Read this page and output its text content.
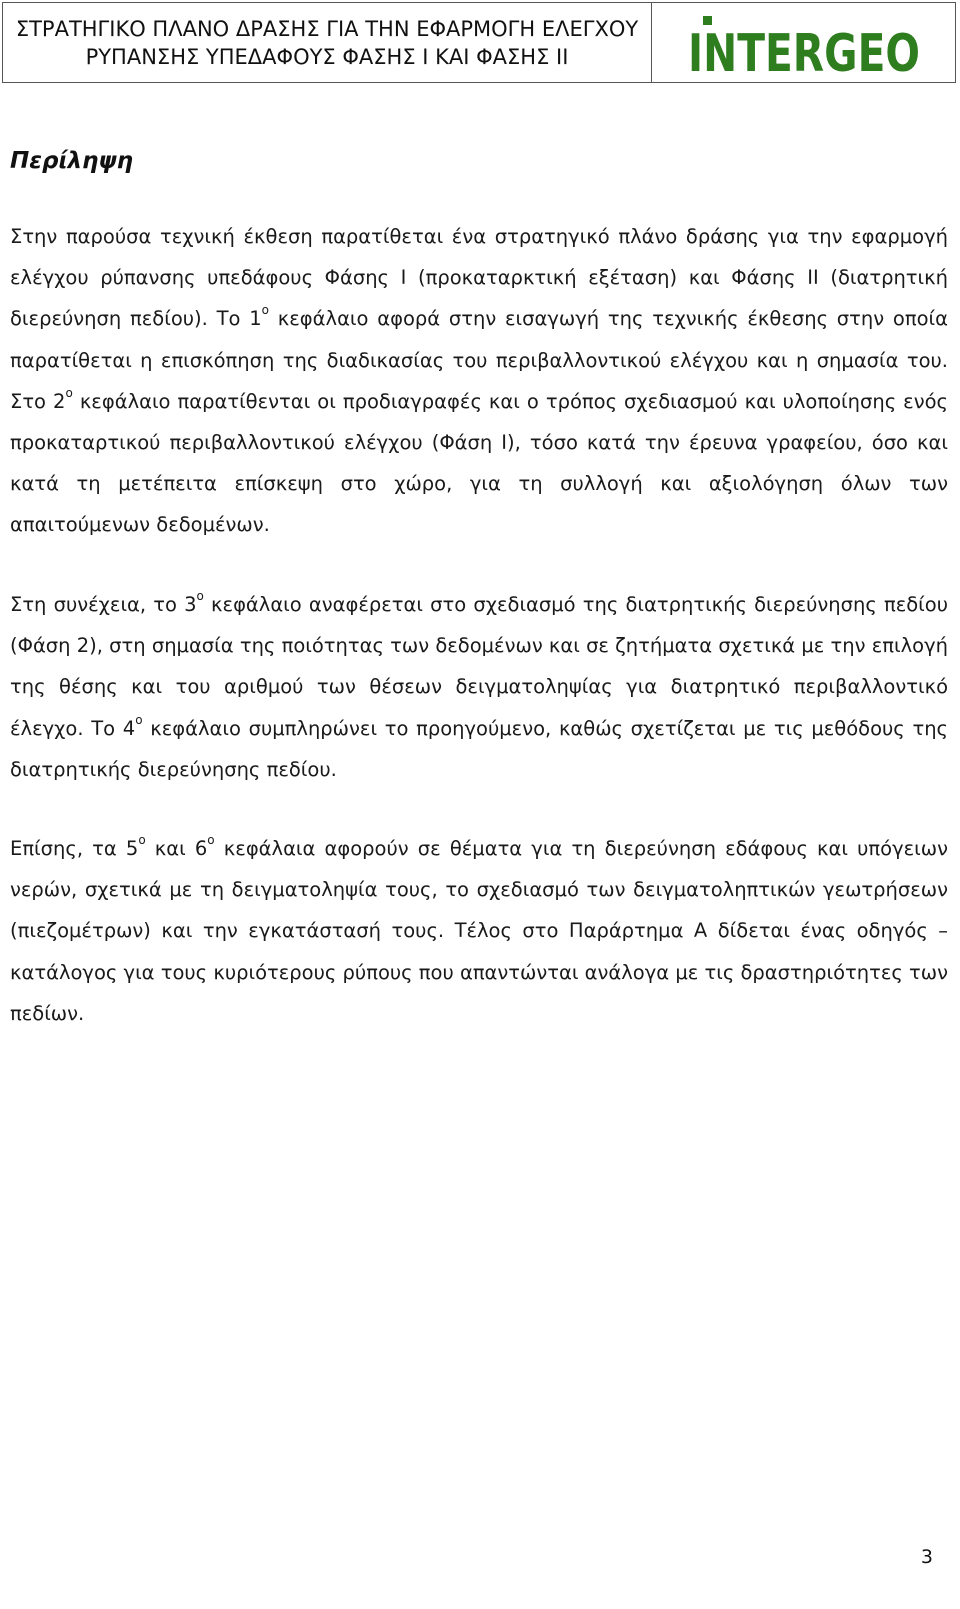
ΣΤΡΑΤΗΓΙΚΟ ΠΛΑΝΟ ΔΡΑΣΗΣ ΓΙΑ ΤΗΝ ΕΦΑΡΜΟΓΗ ΕΛΕΓΧΟΥ
ΡΥΠΑΝΣΗΣ ΥΠΕΔΑΦΟΥΣ ΦΑΣΗΣ Ι ΚΑΙ ΦΑΣΗΣ ΙΙ INTERGEO
Περίληψη

Στην παρούσα τεχνική έκθεση παρατίθεται ένα στρατηγικό πλάνο δράσης για την εφαρμογή ελέγχου ρύπανσης υπεδάφους Φάσης Ι (προκαταρκτική εξέταση) και Φάσης ΙΙ (διατρητική διερεύνηση πεδίου). Το $1^o$ κεφάλαιο αφορά στην εισαγωγή της τεχνικής έκθεσης στην οποία παρατίθεται η επισκόπηση της διαδικασίας του περιβαλλοντικού ελέγχου και η σημασία του. Στο $2^o$ κεφάλαιο παρατίθενται οι προδιαγραφές και ο τρόπος σχεδιασμού και υλοποίησης ενός προκαταρτικού περιβαλλοντικού ελέγχου (Φάση Ι), τόσο κατά την έρευνα γραφείου, όσο και κατά τη μετέπειτα επίσκεψη στο χώρο, για τη συλλογή και αξιολόγηση όλων των απαιτούμενων δεδομένων.

Στη συνέχεια, το $3^o$ κεφάλαιο αναφέρεται στο σχεδιασμό της διατρητικής διερεύνησης πεδίου (Φάση 2), στη σημασία της ποιότητας των δεδομένων και σε ζητήματα σχετικά με την επιλογή της θέσης και του αριθμού των θέσεων δειγματοληψίας για διατρητικό περιβαλλοντικό έλεγχο. Το $4^o$ κεφάλαιο συμπληρώνει το προηγούμενο, καθώς σχετίζεται με τις μεθόδους της διατρητικής διερεύνησης πεδίου.

Επίσης, τα $5^o$ και $6^o$ κεφάλαια αφορούν σε θέματα για τη διερεύνηση εδάφους και υπόγειων νερών, σχετικά με τη δειγματοληψία τους, το σχεδιασμό των δειγματοληπτικών γεωτρήσεων (πιεζομέτρων) και την εγκατάστασή τους. Τέλος στο Παράρτημα Α δίδεται ένας οδηγός – κατάλογος για τους κυριότερους ρύπους που απαντώνται ανάλογα με τις δραστηριότητες των πεδίων.

3
